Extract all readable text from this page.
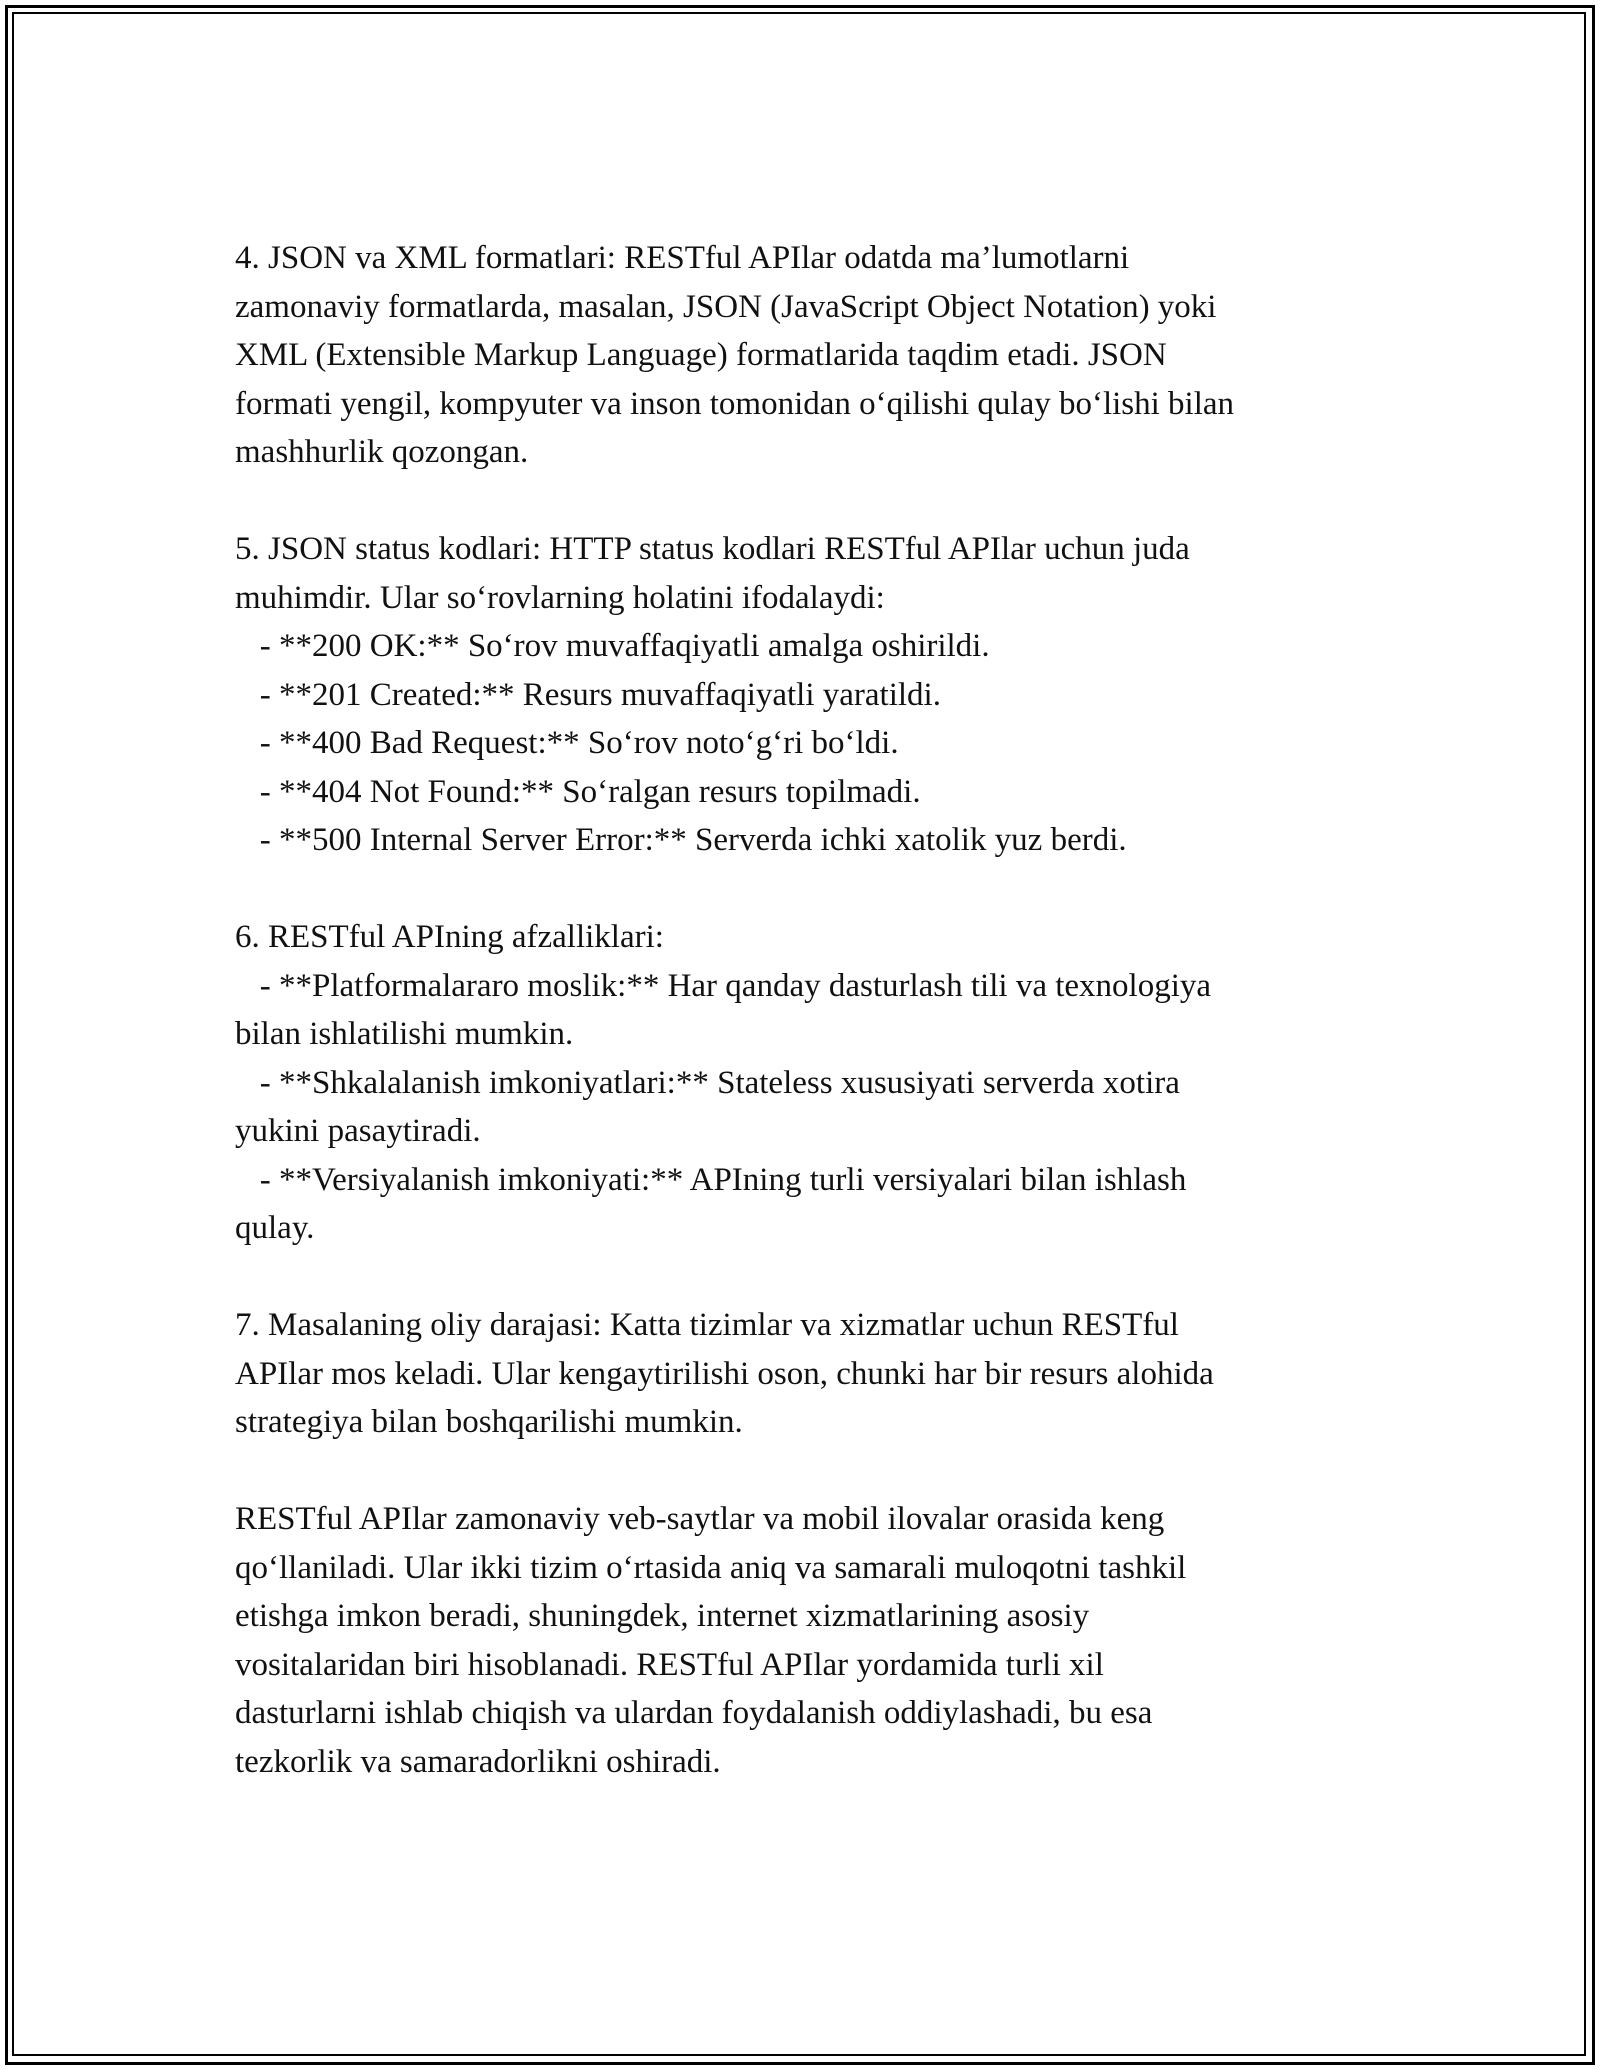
4. JSON va XML formatlari: RESTful APIlar odatda ma’lumotlarni
zamonaviy formatlarda, masalan, JSON (JavaScript Object Notation) yoki
XML (Extensible Markup Language) formatlarida taqdim etadi. JSON
formati yengil, kompyuter va inson tomonidan o‘qilishi qulay bo‘lishi bilan
mashhurlik qozongan.
5. JSON status kodlari: HTTP status kodlari RESTful APIlar uchun juda
muhimdir. Ular so‘rovlarning holatini ifodalaydi:
- **200 OK:** So‘rov muvaffaqiyatli amalga oshirildi.
- **201 Created:** Resurs muvaffaqiyatli yaratildi.
- **400 Bad Request:** So‘rov noto‘g‘ri bo‘ldi.
- **404 Not Found:** So‘ralgan resurs topilmadi.
- **500 Internal Server Error:** Serverda ichki xatolik yuz berdi.
6. RESTful APIning afzalliklari:
- **Platformalararo moslik:** Har qanday dasturlash tili va texnologiya
bilan ishlatilishi mumkin.
- **Shkalalanish imkoniyatlari:** Stateless xususiyati serverda xotira
yukini pasaytiradi.
- **Versiyalanish imkoniyati:** APIning turli versiyalari bilan ishlash
qulay.
7. Masalaning oliy darajasi: Katta tizimlar va xizmatlar uchun RESTful
APIlar mos keladi. Ular kengaytirilishi oson, chunki har bir resurs alohida
strategiya bilan boshqarilishi mumkin.
RESTful APIlar zamonaviy veb-saytlar va mobil ilovalar orasida keng
qo‘llaniladi. Ular ikki tizim o‘rtasida aniq va samarali muloqotni tashkil
etishga imkon beradi, shuningdek, internet xizmatlarining asosiy
vositalaridan biri hisoblanadi. RESTful APIlar yordamida turli xil
dasturlarni ishlab chiqish va ulardan foydalanish oddiylashadi, bu esa
tezkorlik va samaradorlikni oshiradi.
